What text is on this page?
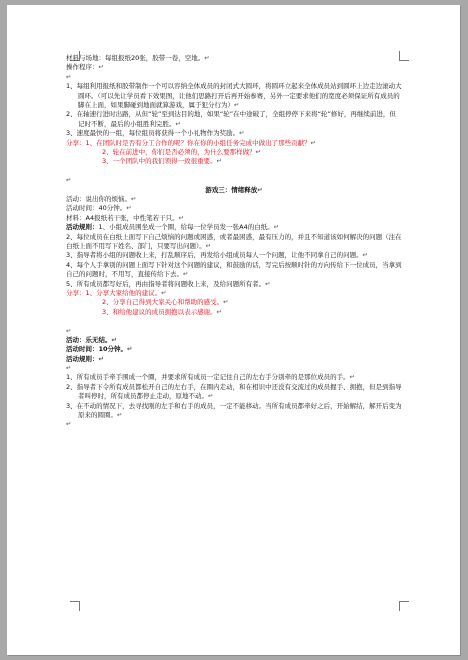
材料与场地：每组报纸20张，胶带一卷，空地。↵
操作程序：↵
↵
1、每组利用报纸和胶带制作一个可以容纳全体成员的封闭式大圆环，将圆环立起来全体成员站到圆环上边走边滚动大圆环。（可以先让学员看下效果图，让他们思路打开后再开始参赛，另外一定要求他们的宽度必须保证所有成员的脚在上面，如果脚碰到地面就算游戏，属于犯分行为）↵
2、在轴速行进时出路，从但“轮”至到达目的地，如果“轮”在中途破了，全组停停下来将“轮”修好，再继续前进，但记时不断，最后的小组胜利完胜。↵
3、速度最快的一组，每位组员将获得一个小礼物作为奖励。↵
分享：1、在团队时是否有分工合作的呢？你在你的小组任务完成中做出了那些贡献？↵
2、轮在前进中，你们是否必须的，为什么要那样做？↵
3、一个团队中的我们领得一致很重要。↵
↵
游戏三：情绪释放↵
活动：说出你的烦恼。↵
活动时间：40分钟。↵
材料：A4报纸若干张，中性笔若干只。↵
活动规则：1、小组成员围坐成一个圈，给每一位学员发一张A4的白纸。↵
2、每位成员在白纸上面写下自己烦恼的问题或困惑，或者最困惑，最有压力的，并且不知道该如何解决的问题（注在白纸上面不用写下姓名、部门，只要写出问题）。↵
3、指导者将小组的问题收上来，打乱顺序后，再发给小组成员每人一个问题，让他不同拿自己的问题。↵
4、每个人手拿别的问题上面写下针对这个问题的建议，和鼓励的话，写完后按顺时针的方向传给下一位成员，当拿到自己的问题时，不用写，直接传给下去。↵
5、所有成员都写好后，再由指导者将问题收上来，及给问题所有者。↵
分享：1、分享大家给他的建议。↵
2、分享自己得到大家关心和帮助的感受。↵
3、和给他建议的成员拥抱以表示感谢。↵
↵
活动：乐无结。↵
活动时间：10分钟。↵
活动规则：↵
↵
1、所有成员手牵手围成一个圈，并要求所有成员一定记住自己的左右手分别牵的是那位成员的手。↵
2、指导者下令所有成员都松开自己的左右手，在圈内走动，和在相识中还没有交流过的成员握手、拥抱，但是到指导者叫停时，所有成员都停止走动，原地不动。↵
3、在不动的情况下，去寻找刚的左手和右手的成员，一定不能移动。当所有成员都牵好之后，开始解结，解开后变为原来的圆圈。↵
↵
